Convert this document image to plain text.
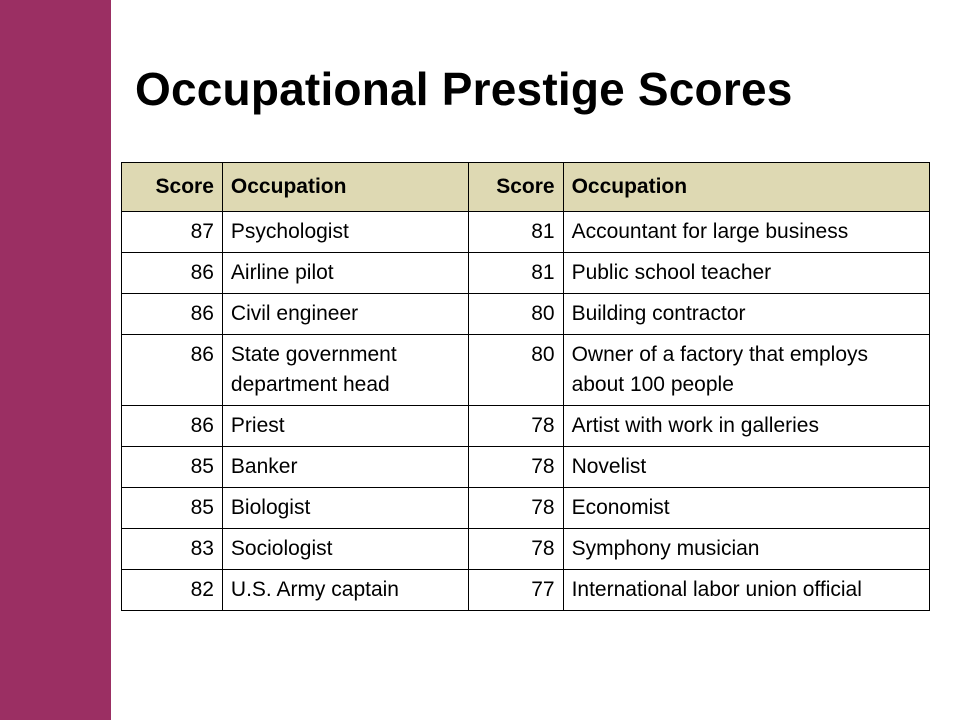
Occupational Prestige Scores
Score	Occupation	Score	Occupation
87	Psychologist	81	Accountant for large business
86	Airline pilot	81	Public school teacher
86	Civil engineer	80	Building contractor
86	State government department head	80	Owner of a factory that employs about 100 people
86	Priest	78	Artist with work in galleries
85	Banker	78	Novelist
85	Biologist	78	Economist
83	Sociologist	78	Symphony musician
82	U.S. Army captain	77	International labor union official
